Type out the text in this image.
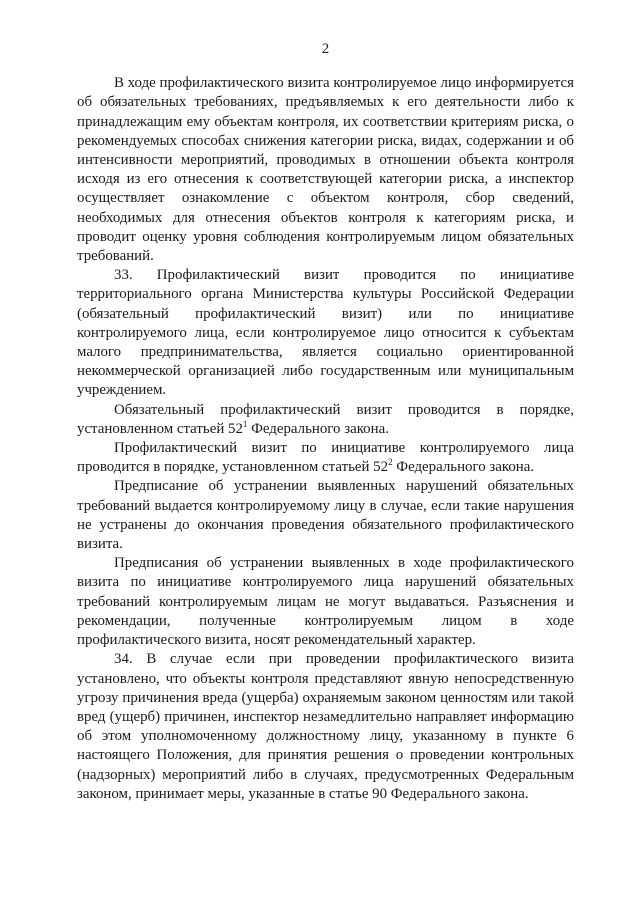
2

В ходе профилактического визита контролируемое лицо информируется об обязательных требованиях, предъявляемых к его деятельности либо к принадлежащим ему объектам контроля, их соответствии критериям риска, о рекомендуемых способах снижения категории риска, видах, содержании и об интенсивности мероприятий, проводимых в отношении объекта контроля исходя из его отнесения к соответствующей категории риска, а инспектор осуществляет ознакомление с объектом контроля, сбор сведений, необходимых для отнесения объектов контроля к категориям риска, и проводит оценку уровня соблюдения контролируемым лицом обязательных требований.

33. Профилактический визит проводится по инициативе территориального органа Министерства культуры Российской Федерации (обязательный профилактический визит) или по инициативе контролируемого лица, если контролируемое лицо относится к субъектам малого предпринимательства, является социально ориентированной некоммерческой организацией либо государственным или муниципальным учреждением.

Обязательный профилактический визит проводится в порядке, установленном статьей $52^1$ Федерального закона.

Профилактический визит по инициативе контролируемого лица проводится в порядке, установленном статьей $52^2$ Федерального закона.

Предписание об устранении выявленных нарушений обязательных требований выдается контролируемому лицу в случае, если такие нарушения не устранены до окончания проведения обязательного профилактического визита.

Предписания об устранении выявленных в ходе профилактического визита по инициативе контролируемого лица нарушений обязательных требований контролируемым лицам не могут выдаваться. Разъяснения и рекомендации, полученные контролируемым лицом в ходе профилактического визита, носят рекомендательный характер.

34. В случае если при проведении профилактического визита установлено, что объекты контроля представляют явную непосредственную угрозу причинения вреда (ущерба) охраняемым законом ценностям или такой вред (ущерб) причинен, инспектор незамедлительно направляет информацию об этом уполномоченному должностному лицу, указанному в пункте 6 настоящего Положения, для принятия решения о проведении контрольных (надзорных) мероприятий либо в случаях, предусмотренных Федеральным законом, принимает меры, указанные в статье 90 Федерального закона.
